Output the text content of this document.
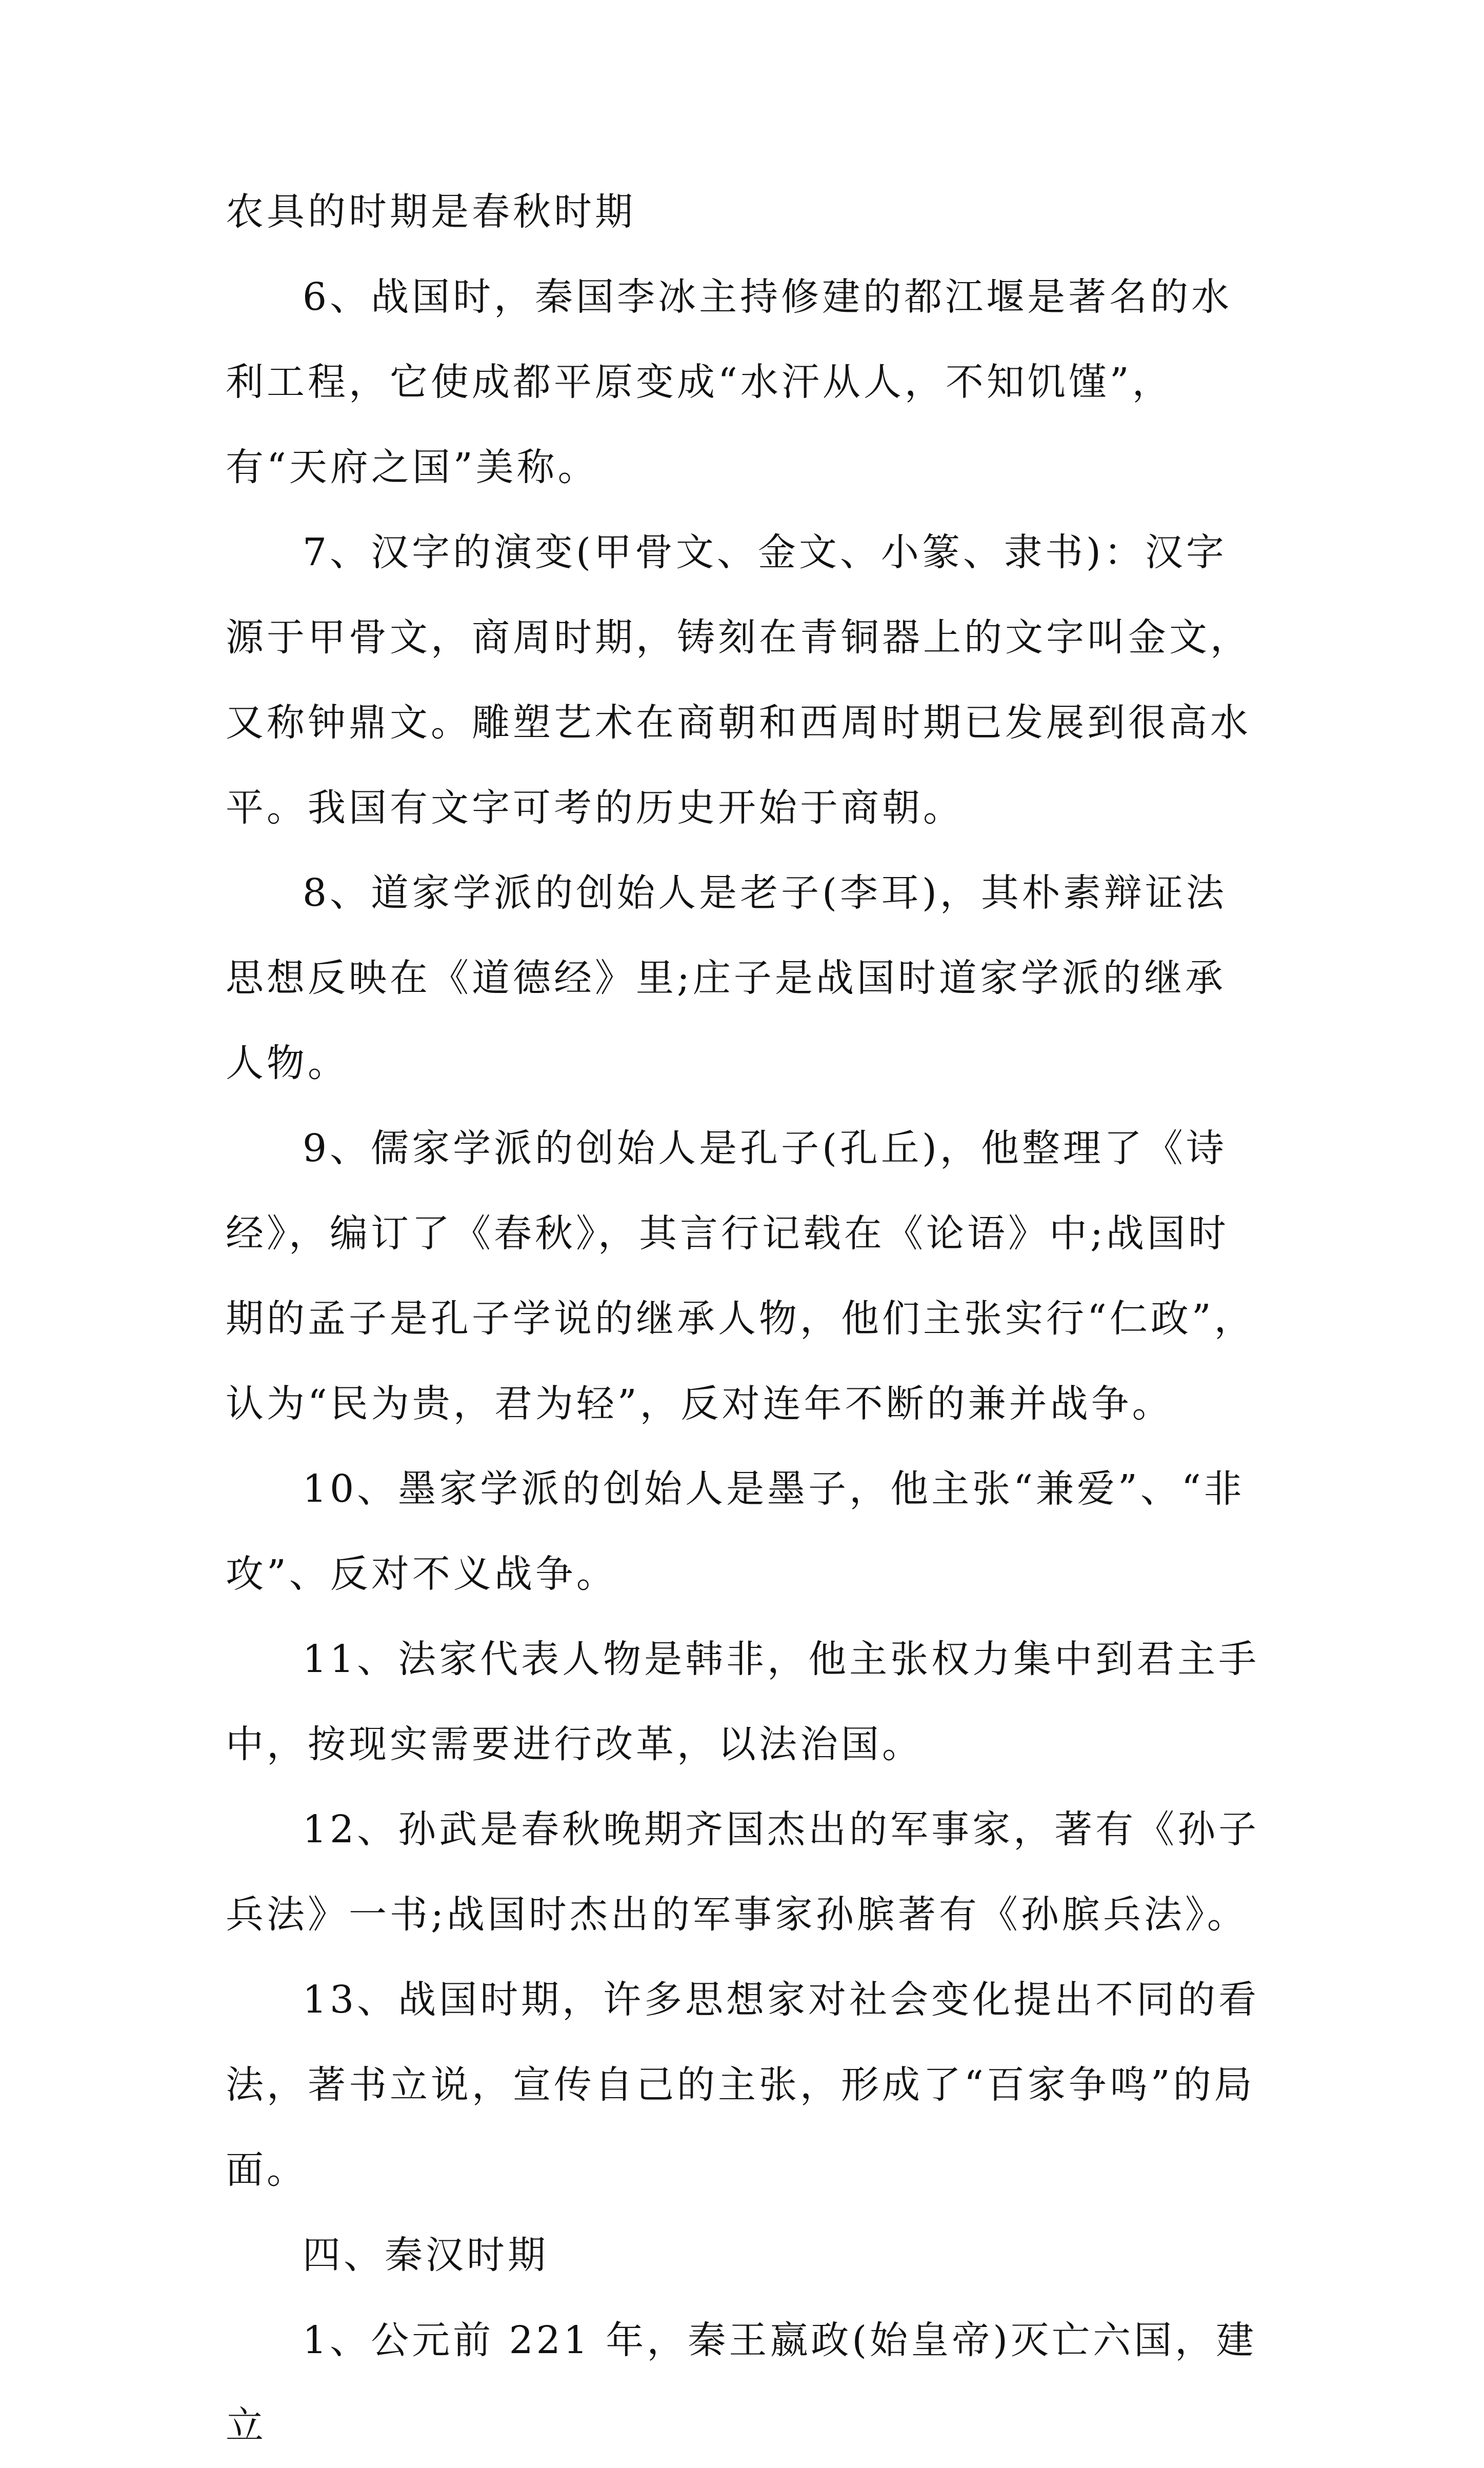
农具的时期是春秋时期

6、战国时，秦国李冰主持修建的都江堰是著名的水利工程，它使成都平原变成“水汗从人，不知饥馑”，有“天府之国”美称。

7、汉字的演变(甲骨文、金文、小篆、隶书)：汉字源于甲骨文，商周时期，铸刻在青铜器上的文字叫金文，又称钟鼎文。雕塑艺术在商朝和西周时期已发展到很高水平。我国有文字可考的历史开始于商朝。

8、道家学派的创始人是老子(李耳)，其朴素辩证法思想反映在《道德经》里;庄子是战国时道家学派的继承人物。

9、儒家学派的创始人是孔子(孔丘)，他整理了《诗经》，编订了《春秋》，其言行记载在《论语》中;战国时期的孟子是孔子学说的继承人物，他们主张实行“仁政”，认为“民为贵，君为轻”，反对连年不断的兼并战争。

10、墨家学派的创始人是墨子，他主张“兼爱”、“非攻”、反对不义战争。

11、法家代表人物是韩非，他主张权力集中到君主手中，按现实需要进行改革，以法治国。

12、孙武是春秋晚期齐国杰出的军事家，著有《孙子兵法》一书;战国时杰出的军事家孙膑著有《孙膑兵法》。

13、战国时期，许多思想家对社会变化提出不同的看法，著书立说，宣传自己的主张，形成了“百家争鸣”的局面。

四、秦汉时期

1、公元前 221 年，秦王嬴政(始皇帝)灭亡六国，建立
